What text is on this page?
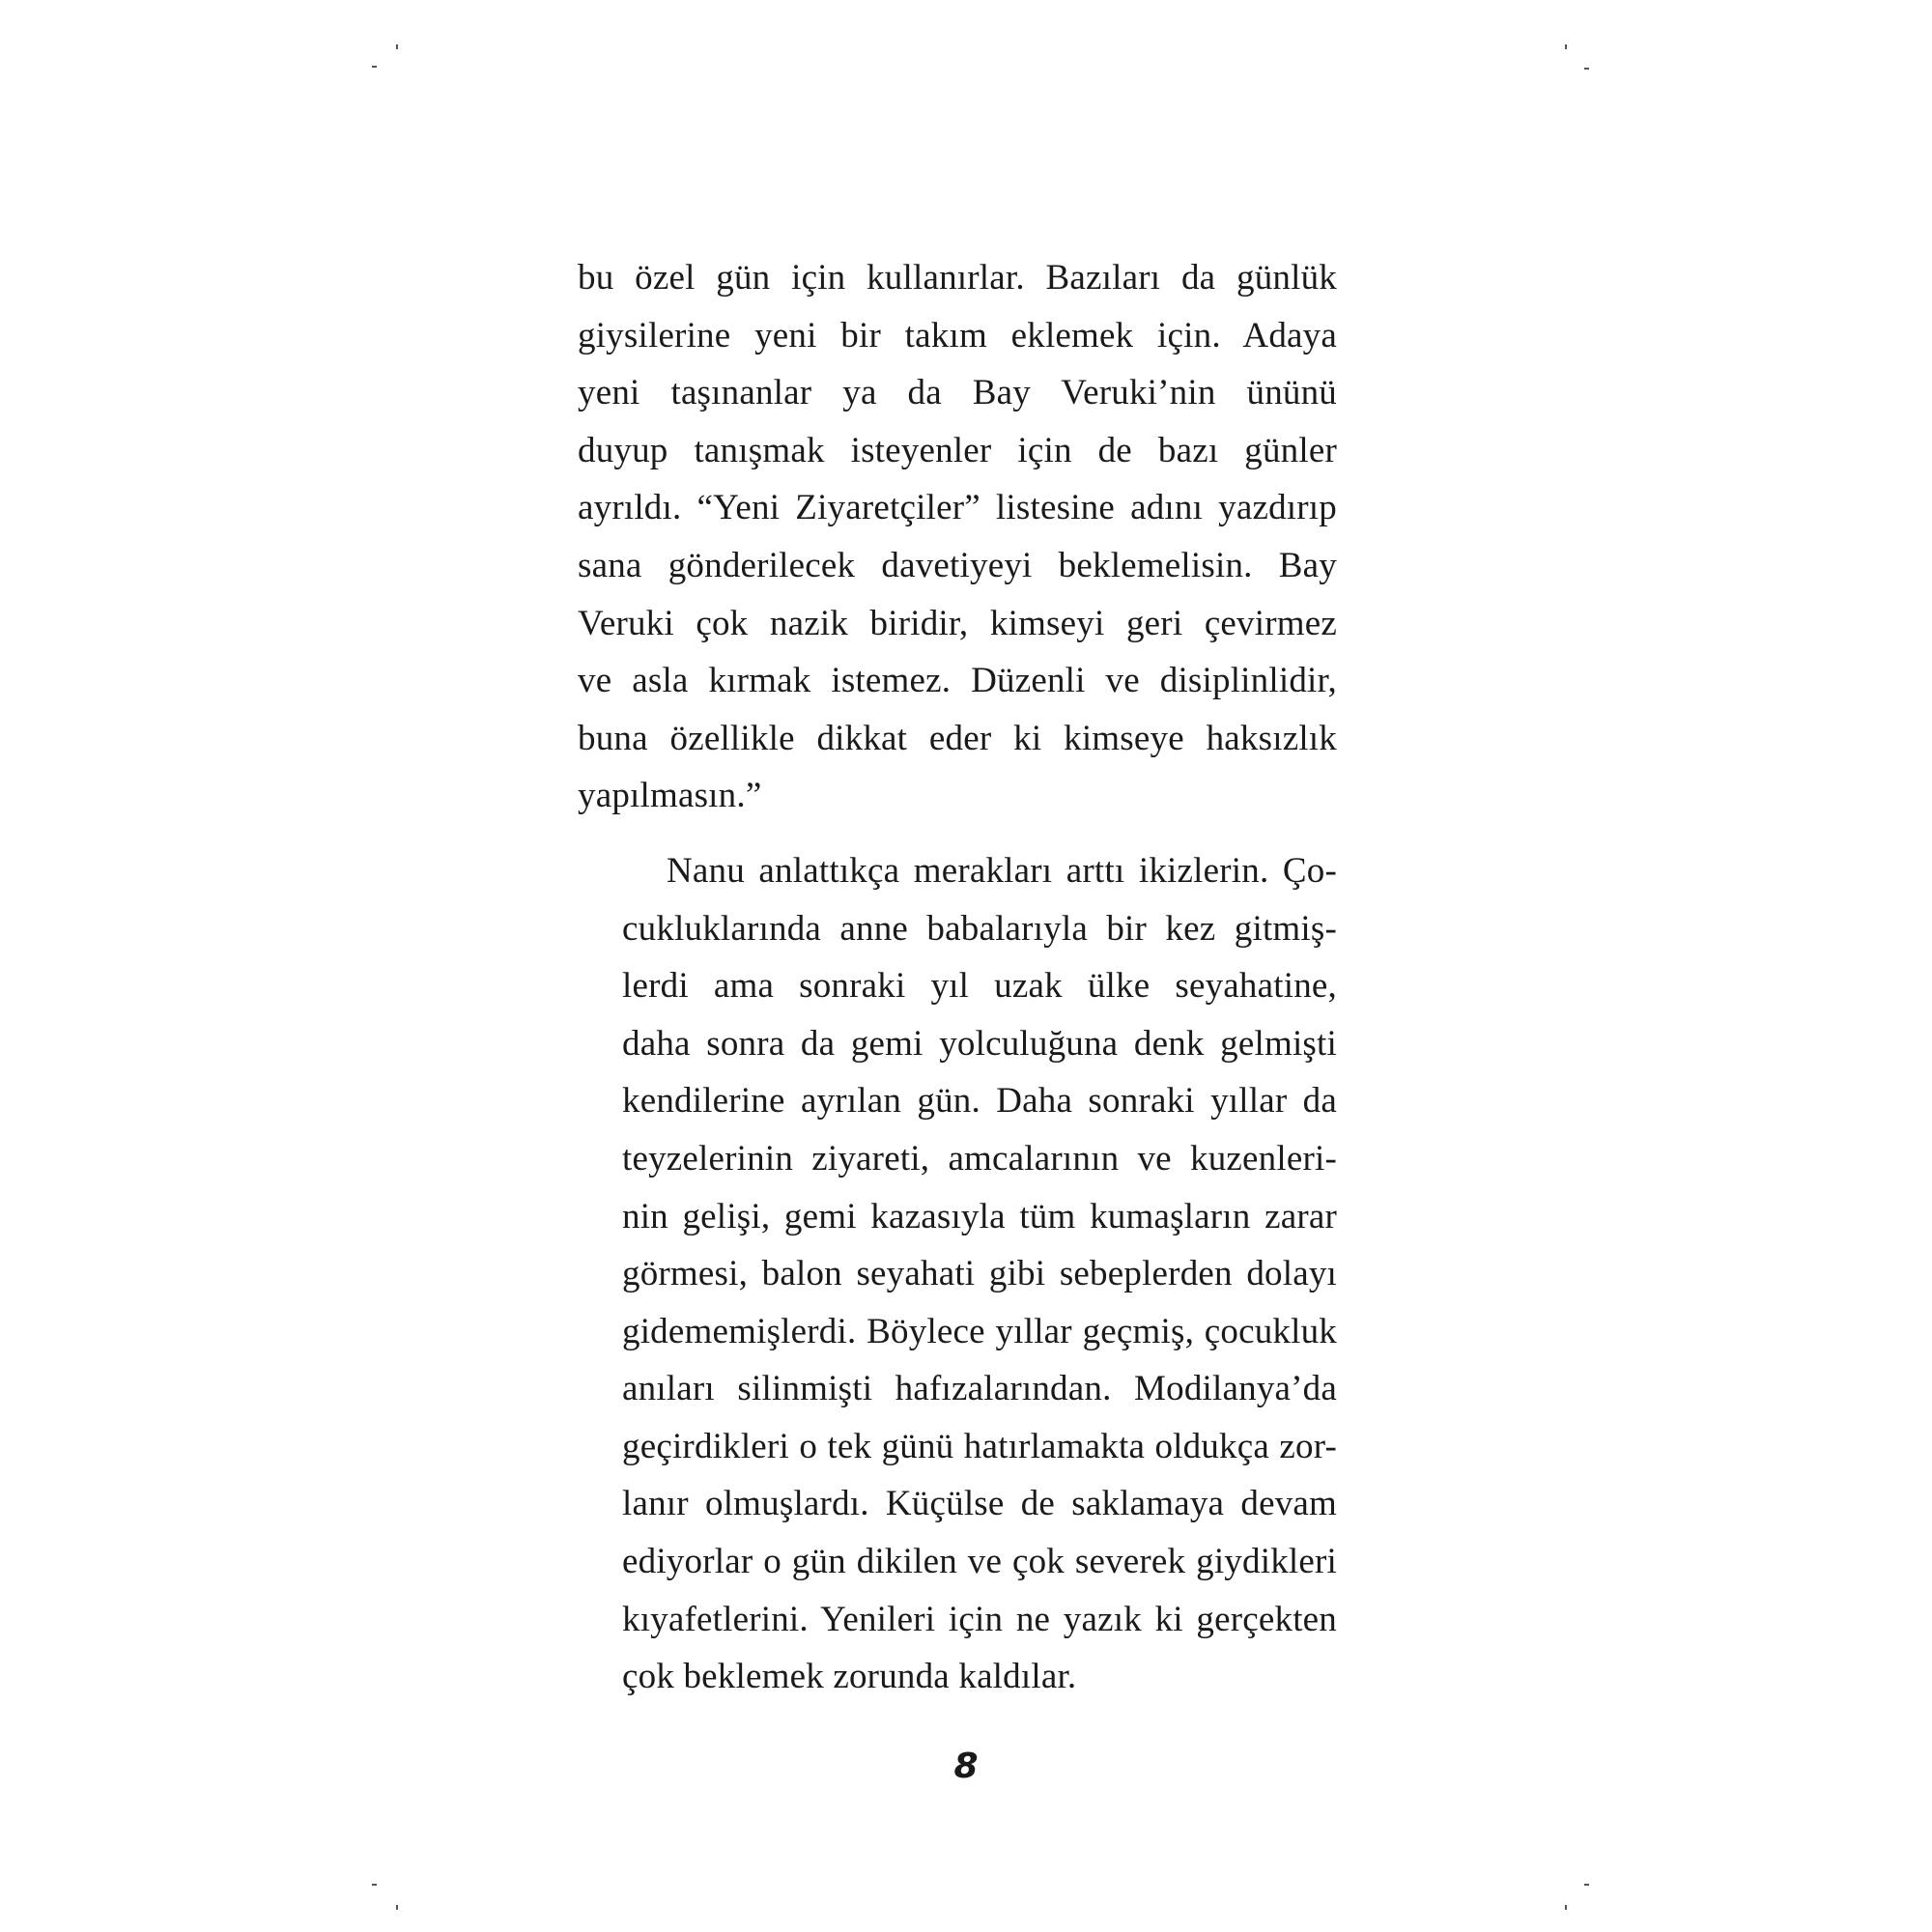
bu özel gün için kullanırlar. Bazıları da günlük
giysilerine yeni bir takım eklemek için. Adaya
yeni taşınanlar ya da Bay Veruki’nin ününü
duyup tanışmak isteyenler için de bazı günler
ayrıldı. “Yeni Ziyaretçiler” listesine adını yazdırıp
sana gönderilecek davetiyeyi beklemelisin. Bay
Veruki çok nazik biridir, kimseyi geri çevirmez
ve asla kırmak istemez. Düzenli ve disiplinlidir,
buna özellikle dikkat eder ki kimseye haksızlık
yapılmasın.”

Nanu anlattıkça merakları arttı ikizlerin. Ço-
cukluklarında anne babalarıyla bir kez gitmiş-
lerdi ama sonraki yıl uzak ülke seyahatine,
daha sonra da gemi yolculuğuna denk gelmişti
kendilerine ayrılan gün. Daha sonraki yıllar da
teyzelerinin ziyareti, amcalarının ve kuzenleri-
nin gelişi, gemi kazasıyla tüm kumaşların zarar
görmesi, balon seyahati gibi sebeplerden dolayı
gidememişlerdi. Böylece yıllar geçmiş, çocukluk
anıları silinmişti hafızalarından. Modilanya’da
geçirdikleri o tek günü hatırlamakta oldukça zor-
lanır olmuşlardı. Küçülse de saklamaya devam
ediyorlar o gün dikilen ve çok severek giydikleri
kıyafetlerini. Yenileri için ne yazık ki gerçekten
çok beklemek zorunda kaldılar.

8
